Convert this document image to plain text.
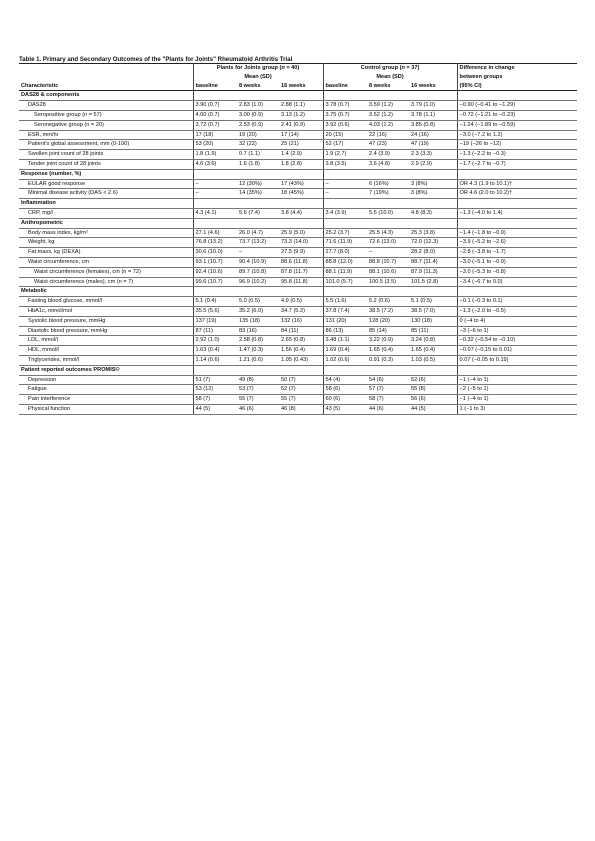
Table 1. Primary and Secondary Outcomes of the "Plants for Joints" Rheumatoid Arthritis Trial
	Plants for Joints group (n = 40)			Control group (n = 37)			Difference in change
	Mean (SD)			Mean (SD)			between groups
Characteristic	baseline	8 weeks	16 weeks	baseline	8 weeks	16 weeks	(95% CI)
DAS28 & components							
DAS28	3.90 (0.7)	2.83 (1.0)	2.88 (1.1)	3.78 (0.7)	3.59 (1.2)	3.79 (1.0)	−0.90 (−0.41 to −1.29)
Seropositive group (n = 57)	4.00 (0.7)	3.00 (0.9)	3.13 (1.2)	3.75 (0.7)	3.52 (1.2)	3.78 (1.1)	−0.72 (−1.21 to −0.23)
Seronegative group (n = 20)	3.72 (0.7)	2.53 (0.9)	2.41 (0.9)	3.92 (0.6)	4.03 (1.2)	3.85 (0.8)	−1.24 (−1.89 to −0.59)
ESR, mm/hr	17 (18)	19 (20)	17 (14)	20 (15)	22 (16)	24 (16)	−3.0 (−7.2 to 1.2)
Patient's global assessment, mm (0-100)	53 (20)	32 (22)	25 (21)	52 (17)	47 (23)	47 (19)	−19 (−26 to −12)
Swollen joint count of 28 joints	1.8 (1.9)	0.7 (1.1)	1.4 (2.9)	1.9 (2.7)	2.4 (3.9)	2.3 (3.3)	−1.3 (−2.2 to −0.3)
Tender joint count of 28 joints	4.6 (3.6)	1.6 (1.8)	1.8 (2.8)	3.8 (3.5)	3.6 (4.8)	2.9 (2.9)	−1.7 (−2.7 to −0.7)
Response (number, %)							
EULAR good response	–	12 (30%)	17 (43%)	–	6 (16%)	3 (8%)	OR 4.3 (1.9 to 10.1)†
Minimal disease activity (DAS < 2.6)	–	14 (35%)	18 (45%)	–	7 (19%)	3 (8%)	OR 4.6 (2.0 to 10.2)†
Inflammation							
CRP, mg/l	4.3 (4.1)	5.6 (7.4)	3.8 (4.4)	3.4 (3.9)	5.5 (10.0)	4.8 (8.3)	−1.3 (−4.0 to 1.4)
Anthropometric							
Body mass index, kg/m²	27.1 (4.6)	26.0 (4.7)	25.9 (5.0)	25.2 (3.7)	25.5 (4.3)	25.3 (3.8)	−1.4 (−1.8 to −0.9)
Weight, kg	76.8 (13.2)	73.7 (13.2)	73.3 (14.0)	71.6 (11.9)	72.6 (13.0)	72.0 (12.3)	−3.9 (−5.2 to −2.6)
Fat mass, kg (DEXA)	30.6 (10.0)	–	27.5 (9.9)	27.7 (8.0)	–	28.2 (8.0)	−2.8 (−3.8 to −1.7)
Waist circumference, cm	93.1 (10.7)	90.4 (10.9)	88.6 (11.8)	88.8 (12.0)	88.8 (10.7)	88.7 (11.4)	−3.0 (−5.1 to −0.9)
Waist circumference (females), cm (n = 72)	92.4 (10.6)	89.7 (10.8)	87.8 (11.7)	88.1 (11.9)	88.1 (10.6)	87.9 (11.3)	−3.0 (−5.3 to −0.8)
Waist circumference (males), cm (n = 7)	99.6 (10.7)	96.9 (10.2)	95.8 (11.8)	101.0 (5.7)	100.5 (3.5)	101.5 (2.8)	−3.4 (−6.7 to 0.0)
Metabolic							
Fasting blood glucose, mmol/l	5.1 (0.4)	5.0 (0.5)	4.9 (0.5)	5.5 (1.6)	5.2 (0.6)	5.1 (0.5)	−0.1 (−0.3 to 0.1)
HbA1c, mmol/mol	35.5 (5.6)	35.2 (6.0)	34.7 (5.2)	37.8 (7.4)	38.5 (7.2)	38.5 (7.0)	−1.3 (−2.0 to −0.5)
Systolic blood pressure, mmHg	137 (19)	135 (18)	132 (16)	131 (20)	128 (20)	130 (18)	0 (−4 to 4)
Diastolic blood pressure, mmHg	87 (11)	83 (16)	84 (11)	86 (13)	85 (14)	85 (11)	−3 (−6 to 1)
LDL, mmol/l	2.92 (1.0)	2.58 (0.8)	2.65 (0.8)	3.48 (1.1)	3.22 (0.9)	3.24 (0.8)	−0.32 (−0.54 to −0.10)
HDL, mmol/l	1.63 (0.4)	1.47 (0.3)	1.56 (0.4)	1.69 (0.4)	1.65 (0.4)	1.65 (0.4)	−0.07 (−0.15 to 0.01)
Triglycerides, mmol/l	1.14 (0.6)	1.21 (0.6)	1.05 (0.43)	1.02 (0.6)	0.91 (0.3)	1.03 (0.5)	0.07 (−0.05 to 0.19)
Patient reported outcomes PROMIS©							
Depression	51 (7)	49 (8)	50 (7)	54 (4)	54 (6)	52 (6)	−1 (−4 to 1)
Fatigue	53 (12)	53 (7)	52 (7)	58 (6)	57 (7)	55 (8)	−2 (−5 to 1)
Pain interference	58 (7)	55 (7)	55 (7)	60 (6)	58 (7)	56 (6)	−1 (−4 to 1)
Physical function	44 (5)	46 (6)	46 (8)	43 (5)	44 (6)	44 (5)	1 (−1 to 3)
